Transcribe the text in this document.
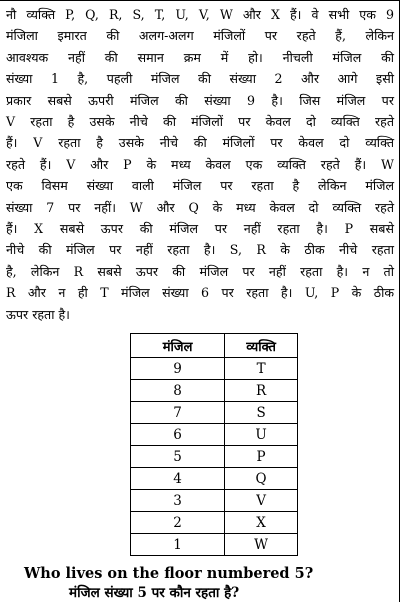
नौ व्यक्ति P, Q, R, S, T, U, V, W और X हैं। वे सभी एक 9
मंजिला इमारत की अलग-अलग मंजिलों पर रहते हैं, लेकिन
आवश्यक नहीं की समान क्रम में हो। नीचली मंजिल की
संख्या 1 है, पहली मंजिल की संख्या 2 और आगे इसी
प्रकार सबसे ऊपरी मंजिल की संख्या 9 है। जिस मंजिल पर
V रहता है उसके नीचे की मंजिलों पर केवल दो व्यक्ति रहते
हैं। V रहता है उसके नीचे की मंजिलों पर केवल दो व्यक्ति
रहते हैं। V और P के मध्य केवल एक व्यक्ति रहते हैं। W
एक विसम संख्या वाली मंजिल पर रहता है लेकिन मंजिल
संख्या 7 पर नहीं। W और Q के मध्य केवल दो व्यक्ति रहते
हैं। X सबसे ऊपर की मंजिल पर नहीं रहता है। P सबसे
नीचे की मंजिल पर नहीं रहता है। S, R के ठीक नीचे रहता
है, लेकिन R सबसे ऊपर की मंजिल पर नहीं रहता है। न तो
R और न ही T मंजिल संख्या 6 पर रहता है। U, P के ठीक
ऊपर रहता है।
मंजिल	व्यक्ति
9	T
8	R
7	S
6	U
5	P
4	Q
3	V
2	X
1	W

Who lives on the floor numbered 5?

मंजिल संख्या 5 पर कौन रहता है?
